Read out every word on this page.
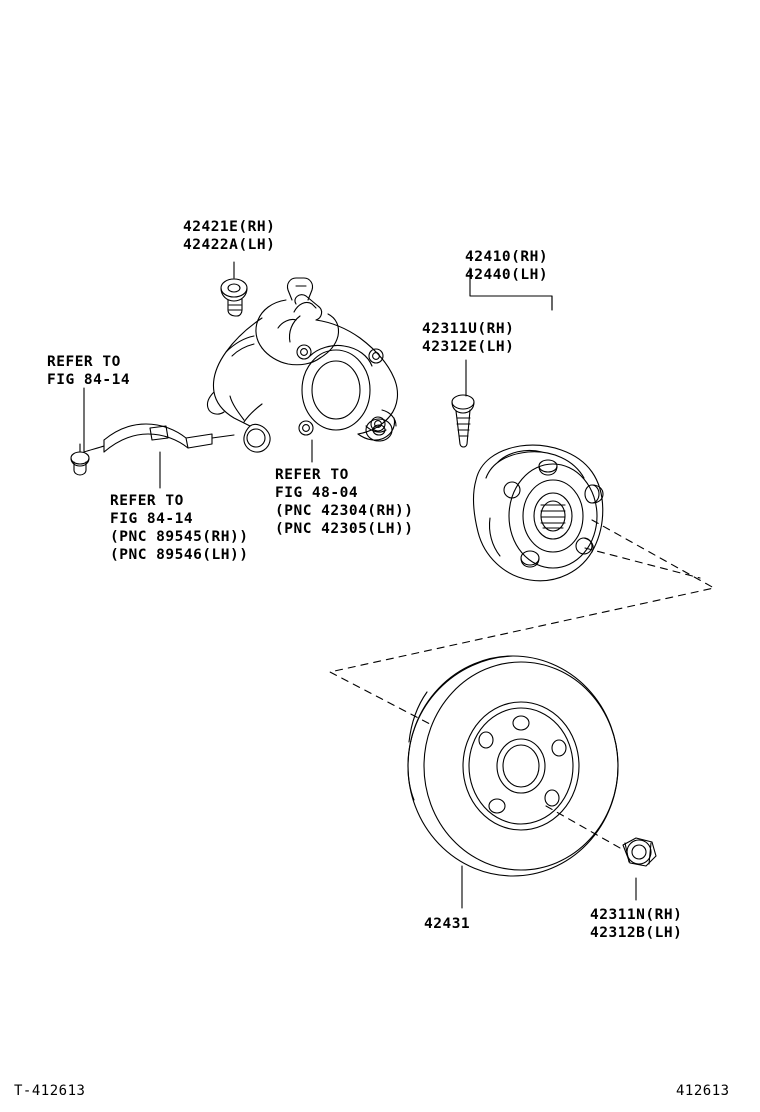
42421E(RH)
42422A(LH)
42410(RH)
42440(LH)
42311U(RH)
42312E(LH)
REFER TO
FIG 84-14
REFER TO
FIG 84-14
(PNC 89545(RH))
(PNC 89546(LH))
REFER TO
FIG 48-04
(PNC 42304(RH))
(PNC 42305(LH))
42431
42311N(RH)
42312B(LH)
T-412613	412613
